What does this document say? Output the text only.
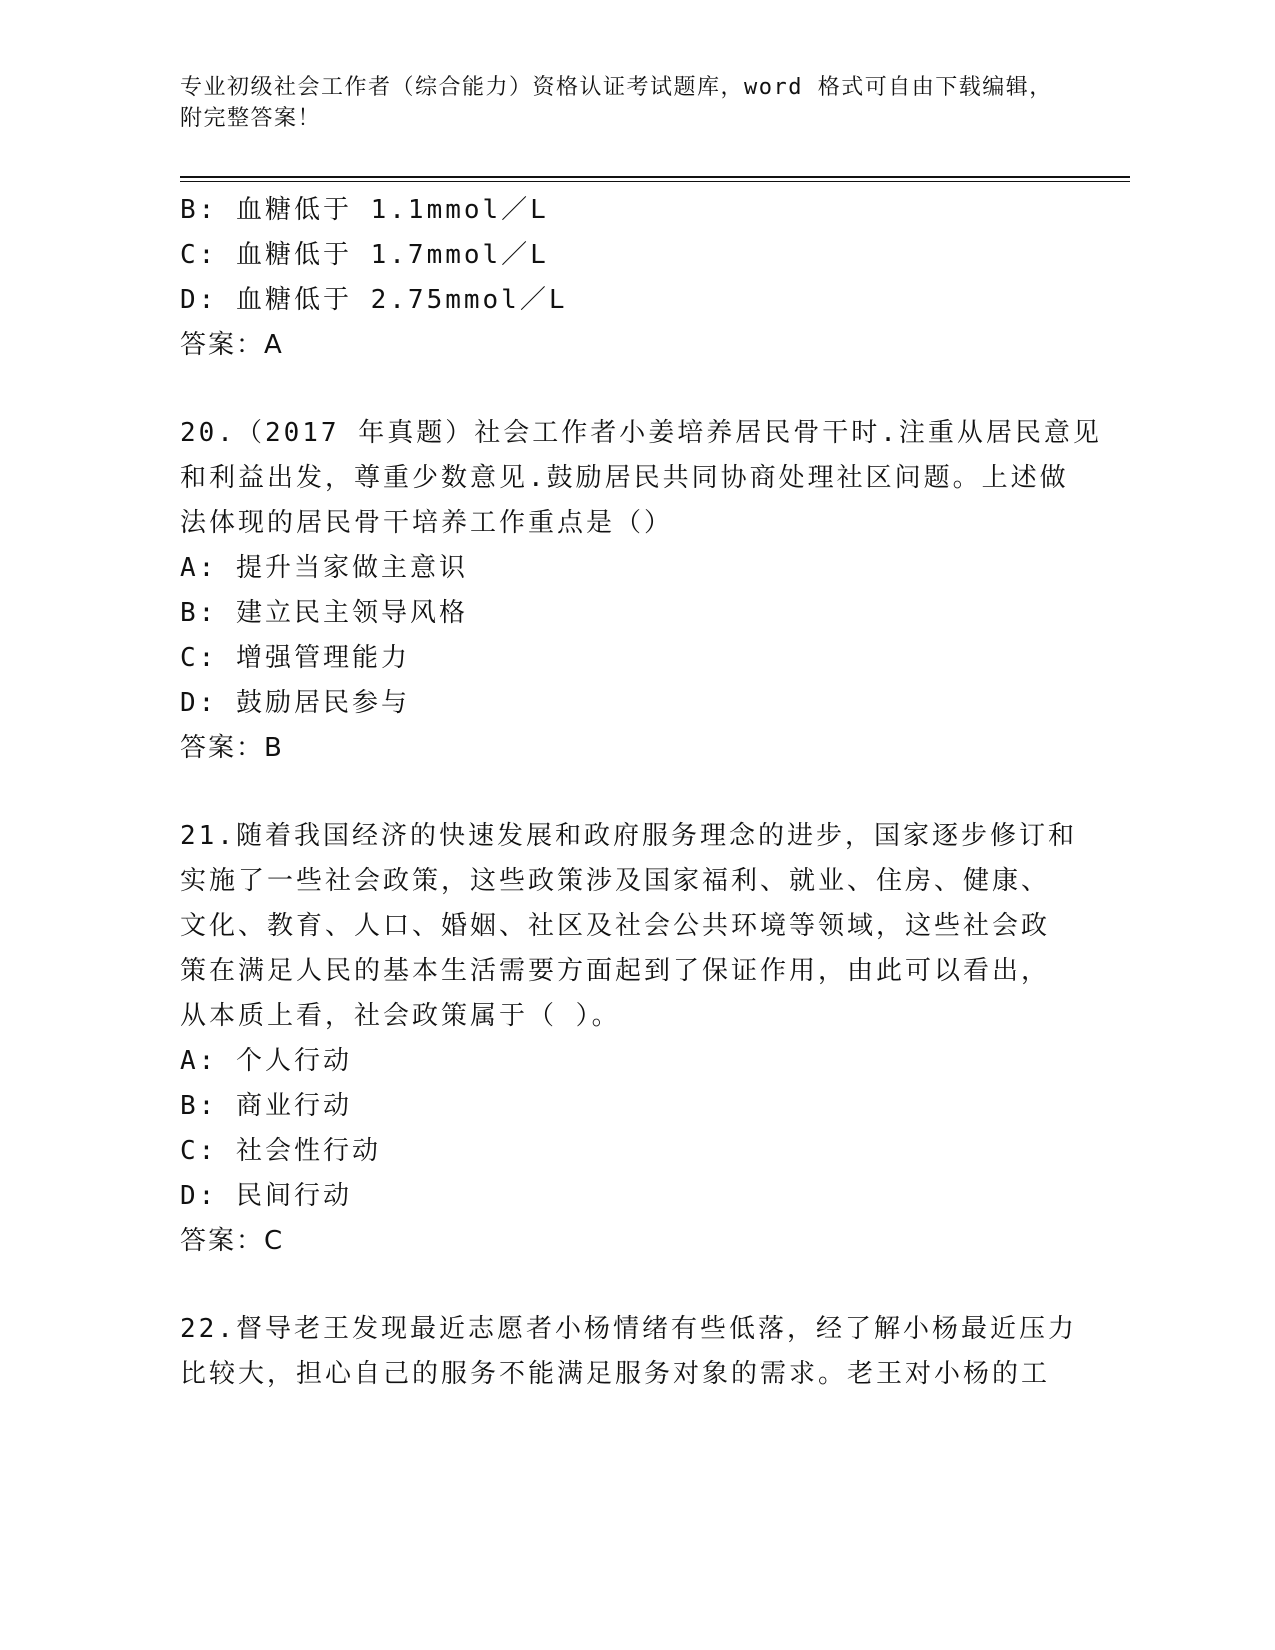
专业初级社会工作者（综合能力）资格认证考试题库，word 格式可自由下载编辑，附完整答案！
B: 血糖低于 1.1mmol／L
C: 血糖低于 1.7mmol／L
D: 血糖低于 2.75mmol／L
答案：A
20.（2017 年真题）社会工作者小姜培养居民骨干时.注重从居民意见
和利益出发，尊重少数意见.鼓励居民共同协商处理社区问题。上述做
法体现的居民骨干培养工作重点是（）
A: 提升当家做主意识
B: 建立民主领导风格
C: 增强管理能力
D: 鼓励居民参与
答案：B
21.随着我国经济的快速发展和政府服务理念的进步，国家逐步修订和
实施了一些社会政策，这些政策涉及国家福利、就业、住房、健康、
文化、教育、人口、婚姻、社区及社会公共环境等领域，这些社会政
策在满足人民的基本生活需要方面起到了保证作用，由此可以看出，
从本质上看，社会政策属于（ ）。
A: 个人行动
B: 商业行动
C: 社会性行动
D: 民间行动
答案：C
22.督导老王发现最近志愿者小杨情绪有些低落，经了解小杨最近压力
比较大，担心自己的服务不能满足服务对象的需求。老王对小杨的工
